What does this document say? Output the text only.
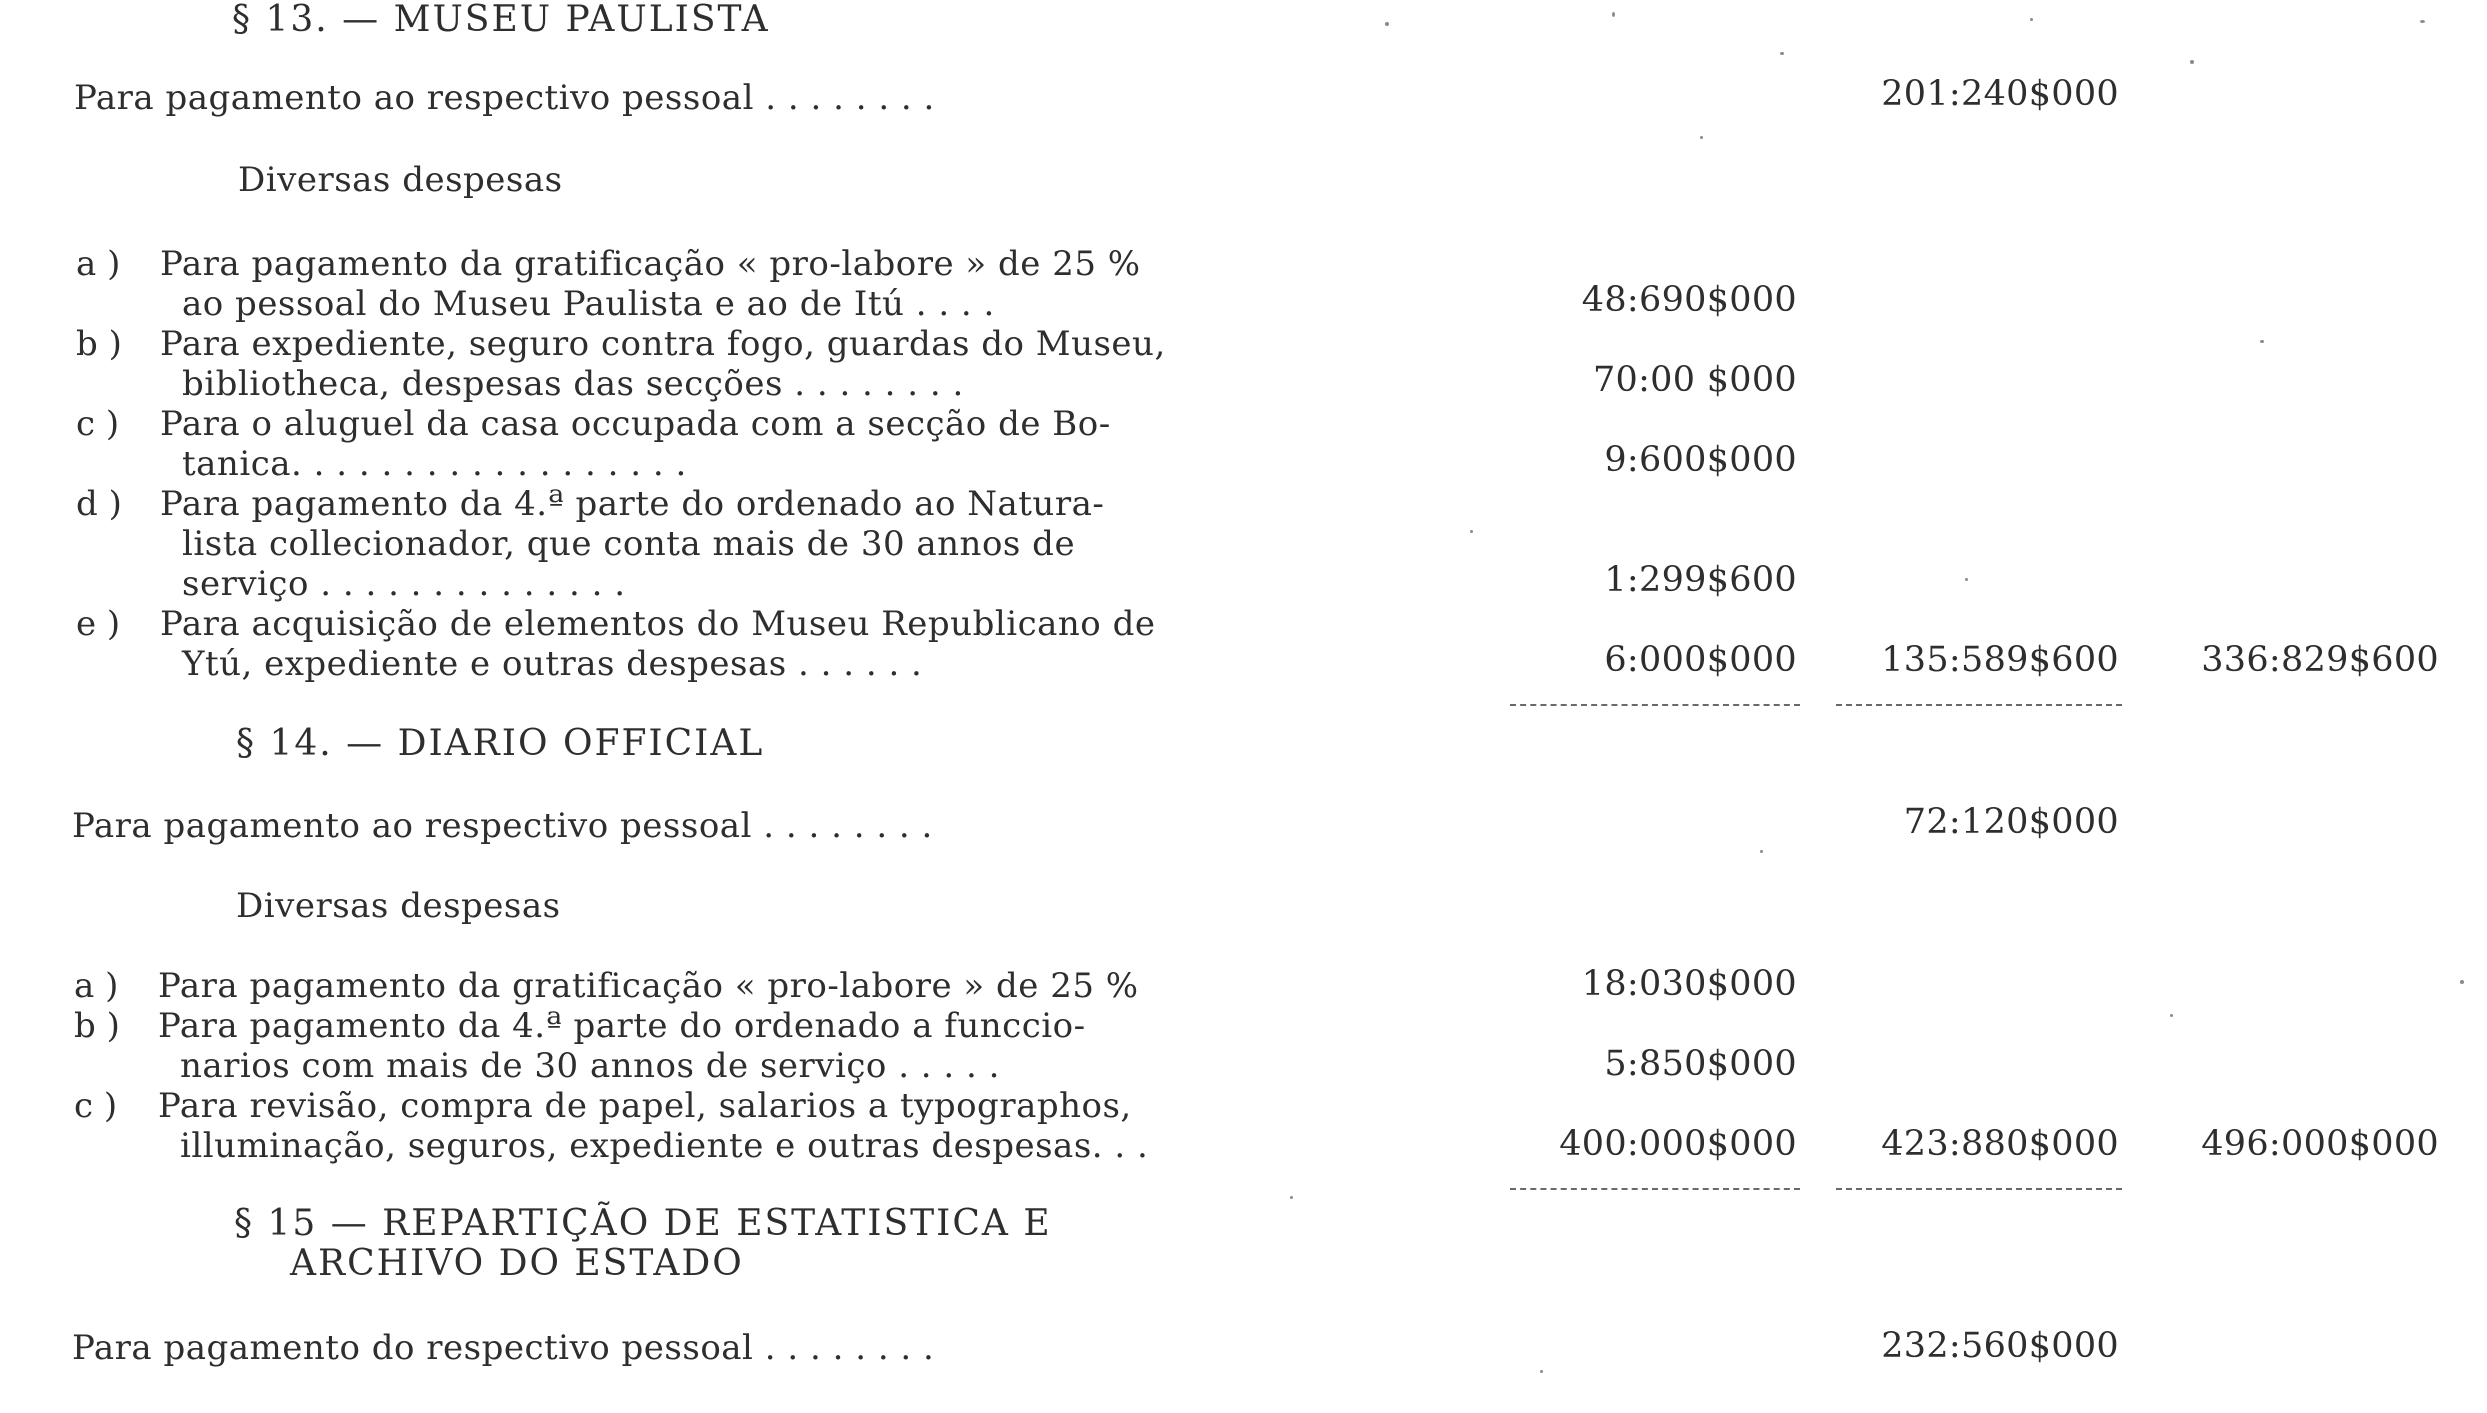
§ 13. — MUSEU PAULISTA
Para pagamento ao respectivo pessoal . . . . . . . .	201:240$000
Diversas despesas
a ) Para pagamento da gratificação « pro-labore » de 25 %
ao pessoal do Museu Paulista e ao de Itú . . . .	48:690$000
b ) Para expediente, seguro contra fogo, guardas do Museu,
bibliotheca, despesas das secções . . . . . . . .	70:00 $000
c ) Para o aluguel da casa occupada com a secção de Bo-
tanica. . . . . . . . . . . . . . . . . .	9:600$000
d ) Para pagamento da 4.ª parte do ordenado ao Natura-
lista collecionador, que conta mais de 30 annos de
serviço . . . . . . . . . . . . . .	1:299$600
e ) Para acquisição de elementos do Museu Republicano de
Ytú, expediente e outras despesas . . . . . .	6:000$000 135:589$600 336:829$600
§ 14. — DIARIO OFFICIAL
Para pagamento ao respectivo pessoal . . . . . . . .	72:120$000
Diversas despesas
a ) Para pagamento da gratificação « pro-labore » de 25 %	18:030$000
b ) Para pagamento da 4.ª parte do ordenado a funccio-
narios com mais de 30 annos de serviço . . . . .	5:850$000
c ) Para revisão, compra de papel, salarios a typographos,
illuminação, seguros, expediente e outras despesas. . .	400:000$000 423:880$000 496:000$000
§ 15 — REPARTIÇÃO DE ESTATISTICA E
ARCHIVO DO ESTADO
Para pagamento do respectivo pessoal . . . . . . . .	232:560$000
